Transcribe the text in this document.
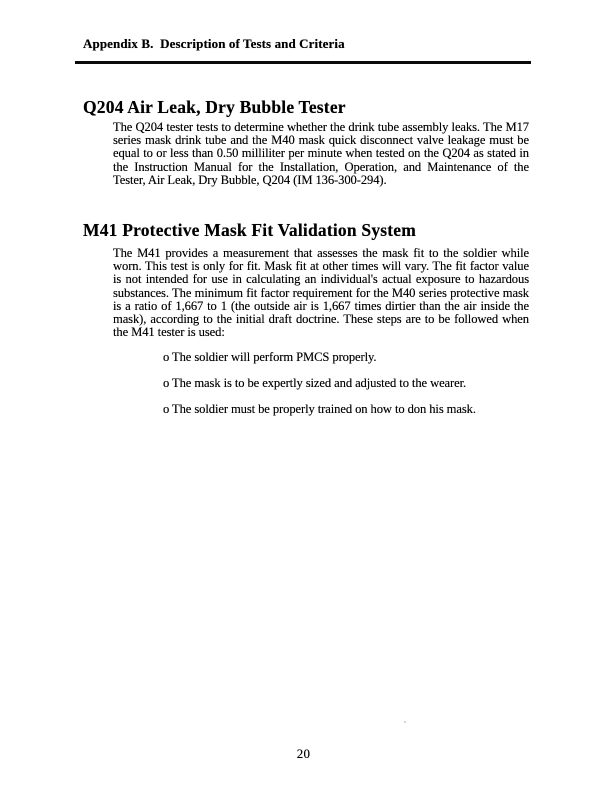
Appendix B.  Description of Tests and Criteria
Q204 Air Leak, Dry Bubble Tester

The Q204 tester tests to determine whether the drink tube assembly leaks. The M17 series mask drink tube and the M40 mask quick disconnect valve leakage must be equal to or less than 0.50 milliliter per minute when tested on the Q204 as stated in the Instruction Manual for the Installation, Operation, and Maintenance of the Tester, Air Leak, Dry Bubble, Q204 (IM 136-300-294).

M41 Protective Mask Fit Validation System

The M41 provides a measurement that assesses the mask fit to the soldier while worn. This test is only for fit. Mask fit at other times will vary. The fit factor value is not intended for use in calculating an individual's actual exposure to hazardous substances. The minimum fit factor requirement for the M40 series protective mask is a ratio of 1,667 to 1 (the outside air is 1,667 times dirtier than the air inside the mask), according to the initial draft doctrine. These steps are to be followed when the M41 tester is used:

o The soldier will perform PMCS properly.
o The mask is to be expertly sized and adjusted to the wearer.
o The soldier must be properly trained on how to don his mask.
20
